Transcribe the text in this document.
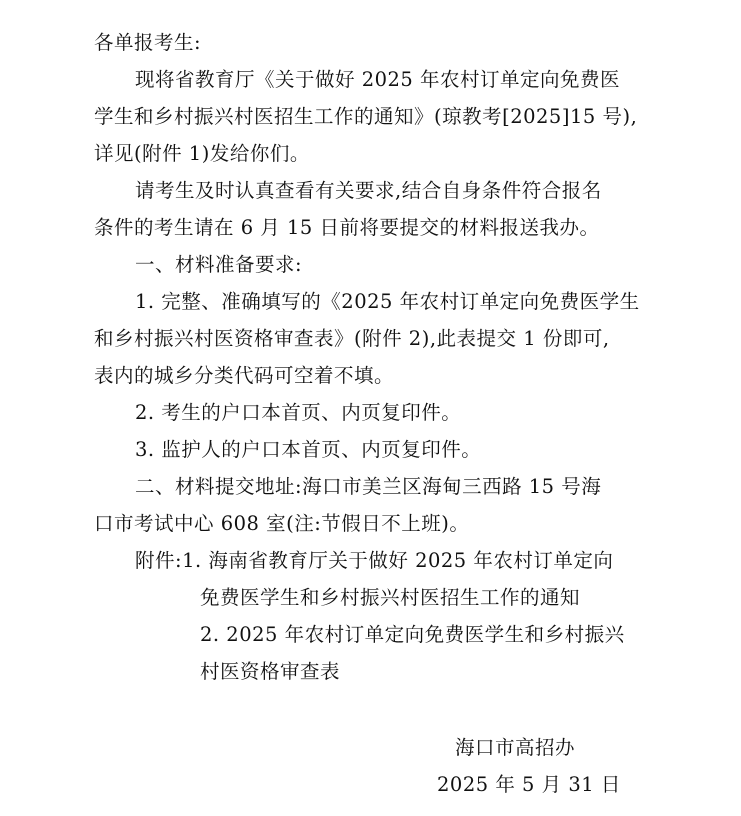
各单报考生:
现将省教育厅《关于做好 2025 年农村订单定向免费医
学生和乡村振兴村医招生工作的通知》(琼教考[2025]15 号),
详见(附件 1)发给你们。
请考生及时认真查看有关要求,结合自身条件符合报名
条件的考生请在 6 月 15 日前将要提交的材料报送我办。
一、材料准备要求:
1. 完整、准确填写的《2025 年农村订单定向免费医学生
和乡村振兴村医资格审查表》(附件 2),此表提交 1 份即可,
表内的城乡分类代码可空着不填。
2. 考生的户口本首页、内页复印件。
3. 监护人的户口本首页、内页复印件。
二、材料提交地址:海口市美兰区海甸三西路 15 号海
口市考试中心 608 室(注:节假日不上班)。
附件:1. 海南省教育厅关于做好 2025 年农村订单定向
免费医学生和乡村振兴村医招生工作的通知
2. 2025 年农村订单定向免费医学生和乡村振兴
村医资格审查表
海口市高招办
2025 年 5 月 31 日
